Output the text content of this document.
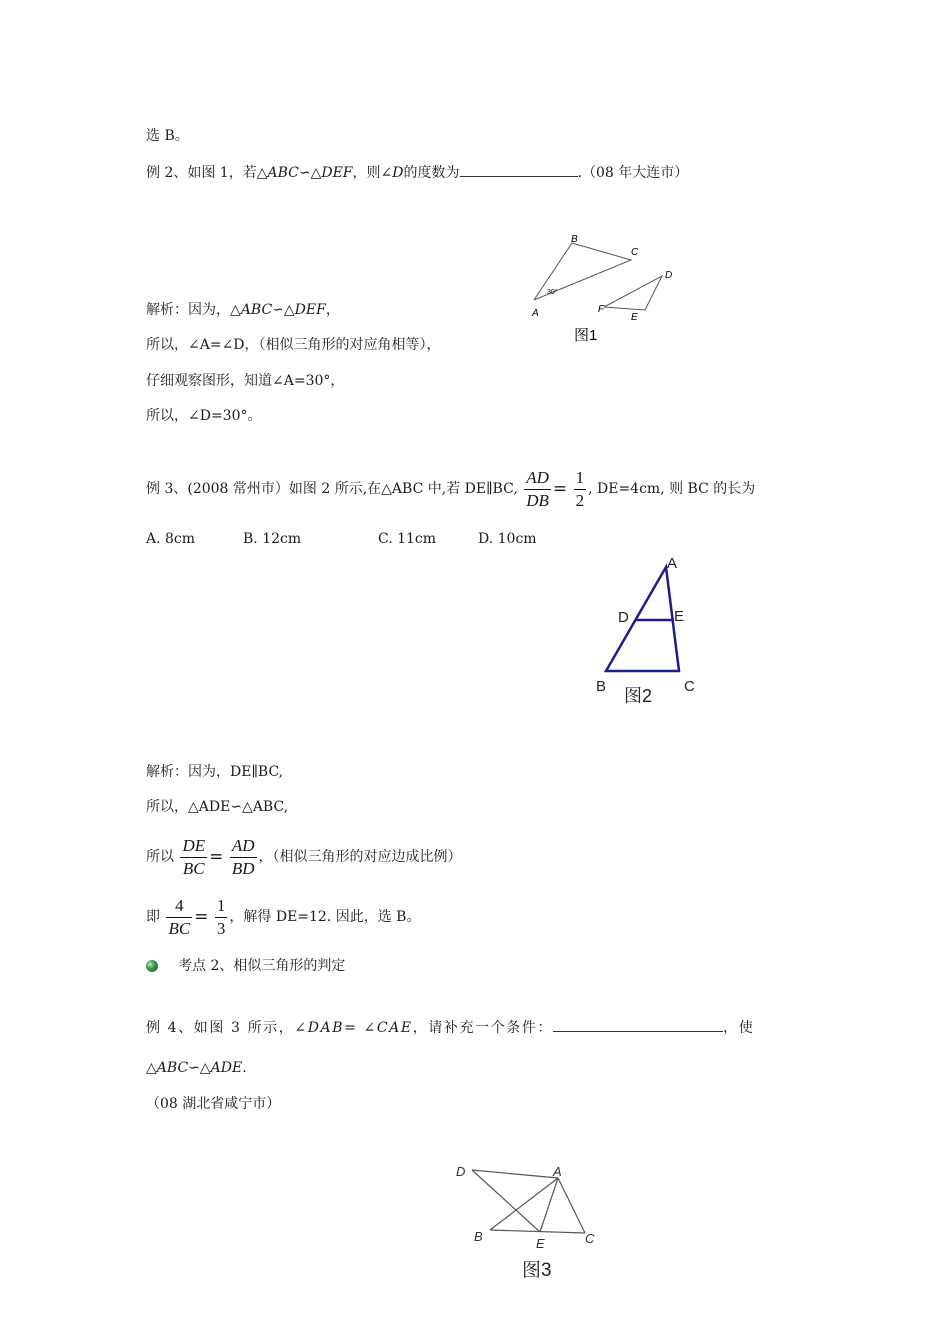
选 B。
例 2、如图 1，若△ABC∽△DEF，则∠D的度数为	.（08 年大连市）
A
B
C
D
E
F
30°
图1
解析：因为，△ABC∽△DEF，
所以，∠A=∠D，（相似三角形的对应角相等），
仔细观察图形，知道∠A=30°，
所以，∠D=30°。
例 3、(2008 常州市）如图 2 所示,在△ABC 中,若 DE∥BC, $\frac{AD}{DB} = \frac{1}{2}$ , DE=4cm, 则 BC 的长为
A. 8cm	B. 12cm	C. 11cm	D. 10cm
A
D	E
B	C
图2
解析：因为，DE∥BC,
所以，△ADE∽△ABC,
所以 $\frac{DE}{BC} = \frac{AD}{BD}$ ，（相似三角形的对应边成比例）
即 $\frac{4}{BC} = \frac{1}{3}$ ，解得 DE=12. 因此，选 B。
考点 2、相似三角形的判定
例 4、如图 3 所示，∠DAB= ∠CAE，请补充一个条件：	，使
△ABC∽△ADE.
（08 湖北省咸宁市）
D	A
B	E	C
图3
